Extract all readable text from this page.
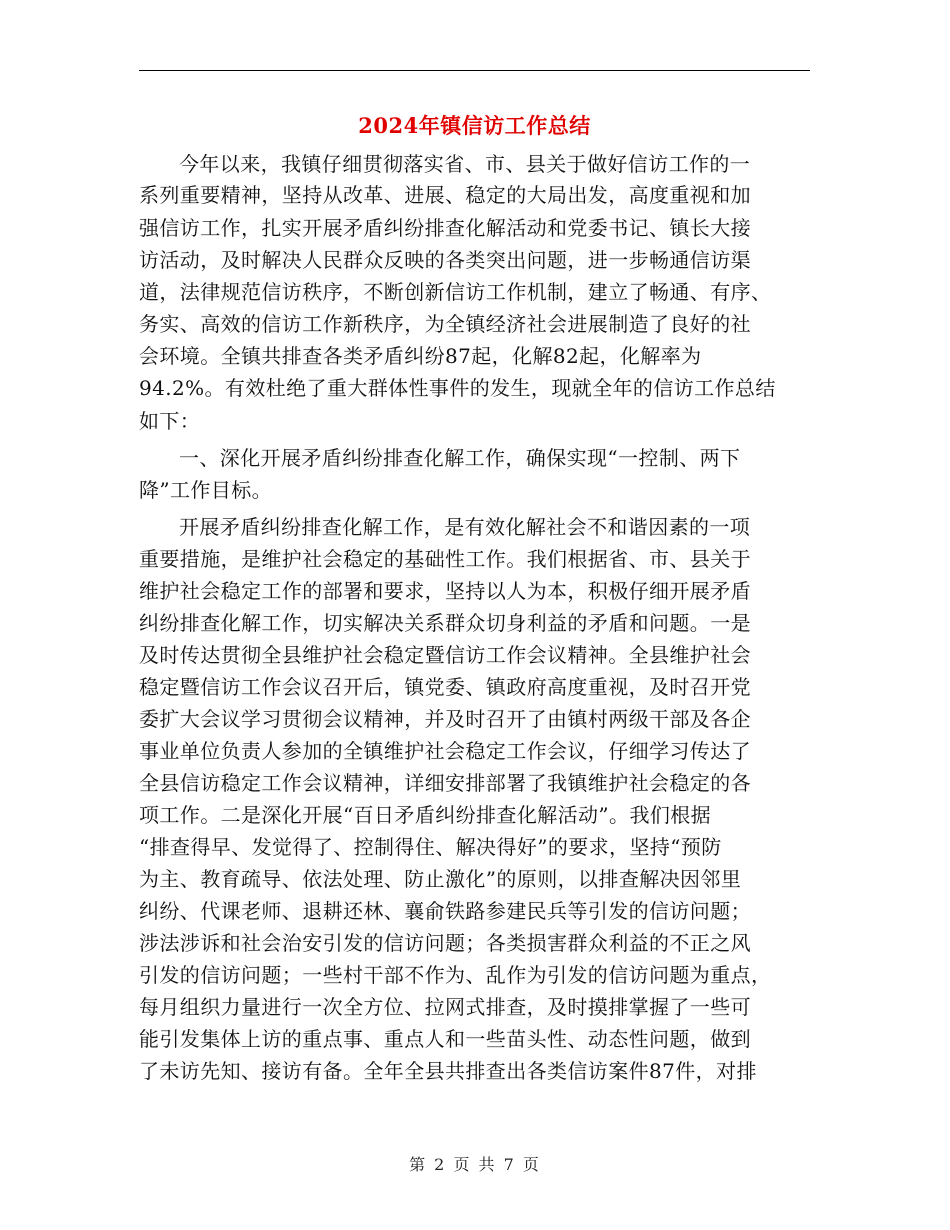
2024年镇信访工作总结
今年以来，我镇仔细贯彻落实省、市、县关于做好信访工作的一
系列重要精神，坚持从改革、进展、稳定的大局出发，高度重视和加
强信访工作，扎实开展矛盾纠纷排查化解活动和党委书记、镇长大接
访活动，及时解决人民群众反映的各类突出问题，进一步畅通信访渠
道，法律规范信访秩序，不断创新信访工作机制，建立了畅通、有序、
务实、高效的信访工作新秩序，为全镇经济社会进展制造了良好的社
会环境。全镇共排查各类矛盾纠纷87起，化解82起，化解率为
94.2%。有效杜绝了重大群体性事件的发生，现就全年的信访工作总结
如下：
一、深化开展矛盾纠纷排查化解工作，确保实现“一控制、两下
降”工作目标。
开展矛盾纠纷排查化解工作，是有效化解社会不和谐因素的一项
重要措施，是维护社会稳定的基础性工作。我们根据省、市、县关于
维护社会稳定工作的部署和要求，坚持以人为本，积极仔细开展矛盾
纠纷排查化解工作，切实解决关系群众切身利益的矛盾和问题。一是
及时传达贯彻全县维护社会稳定暨信访工作会议精神。全县维护社会
稳定暨信访工作会议召开后，镇党委、镇政府高度重视，及时召开党
委扩大会议学习贯彻会议精神，并及时召开了由镇村两级干部及各企
事业单位负责人参加的全镇维护社会稳定工作会议，仔细学习传达了
全县信访稳定工作会议精神，详细安排部署了我镇维护社会稳定的各
项工作。二是深化开展“百日矛盾纠纷排查化解活动”。我们根据
“排查得早、发觉得了、控制得住、解决得好”的要求，坚持“预防
为主、教育疏导、依法处理、防止激化”的原则，以排查解决因邻里
纠纷、代课老师、退耕还林、襄俞铁路参建民兵等引发的信访问题；
涉法涉诉和社会治安引发的信访问题；各类损害群众利益的不正之风
引发的信访问题；一些村干部不作为、乱作为引发的信访问题为重点，
每月组织力量进行一次全方位、拉网式排查，及时摸排掌握了一些可
能引发集体上访的重点事、重点人和一些苗头性、动态性问题，做到
了未访先知、接访有备。全年全县共排查出各类信访案件87件，对排
第 2 页 共 7 页
